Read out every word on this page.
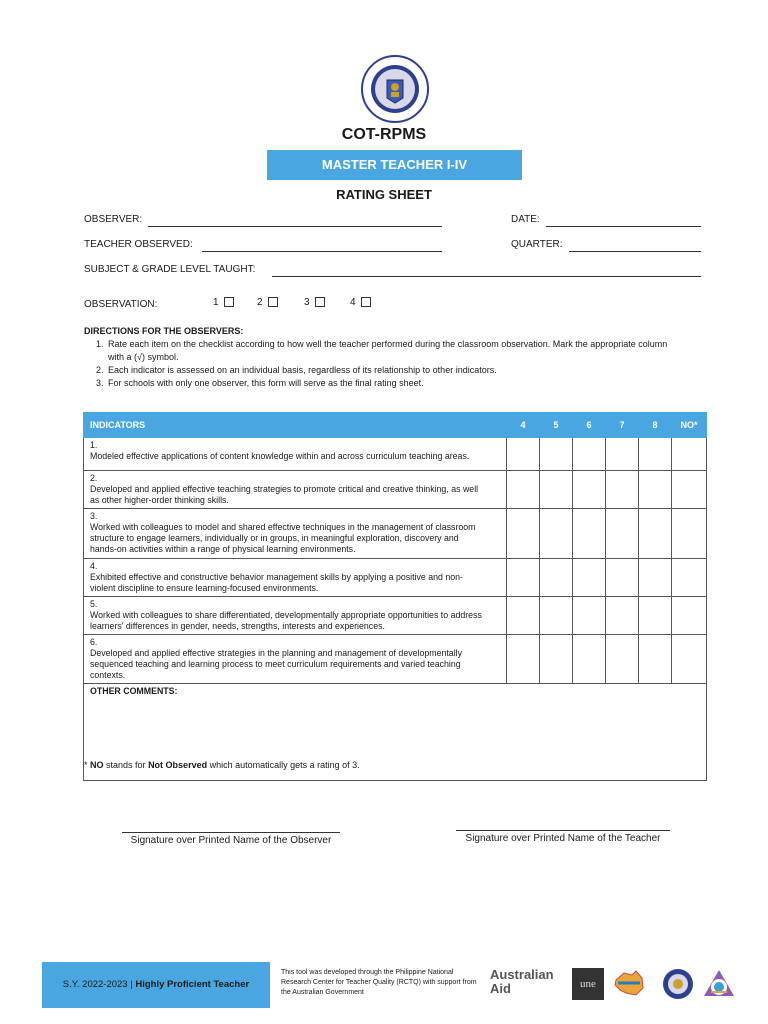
COT-RPMS
MASTER TEACHER I-IV
RATING SHEET
OBSERVER:	DATE:
TEACHER OBSERVED:	QUARTER:
SUBJECT & GRADE LEVEL TAUGHT:
OBSERVATION:	1	2	3	4
DIRECTIONS FOR THE OBSERVERS:
1. Rate each item on the checklist according to how well the teacher performed during the classroom observation. Mark the appropriate column with a (√) symbol.
2. Each indicator is assessed on an individual basis, regardless of its relationship to other indicators.
3. For schools with only one observer, this form will serve as the final rating sheet.
INDICATORS	4	5	6	7	8	NO*
1.Modeled effective applications of content knowledge within and across curriculum teaching areas.						
2.Developed and applied effective teaching strategies to promote critical and creative thinking, as well as other higher-order thinking skills.						
3.Worked with colleagues to model and shared effective techniques in the management of classroom structure to engage learners, individually or in groups, in meaningful exploration, discovery and hands-on activities within a range of physical learning environments.						
4.Exhibited effective and constructive behavior management skills by applying a positive and non-violent discipline to ensure learning-focused environments.						
5.Worked with colleagues to share differentiated, developmentally appropriate opportunities to address learners' differences in gender, needs, strengths, interests and experiences.						
6.Developed and applied effective strategies in the planning and management of developmentally sequenced teaching and learning process to meet curriculum requirements and varied teaching contexts.						
OTHER COMMENTS:						
* NO stands for Not Observed which automatically gets a rating of 3.
Signature over Printed Name of the Observer	Signature over Printed Name of the Teacher
S.Y. 2022-2023 | Highly Proficient Teacher
This tool was developed through the Philippine National Research Center for Teacher Quality (RCTQ) with support from the Australian Government
Australian
Aid	une
